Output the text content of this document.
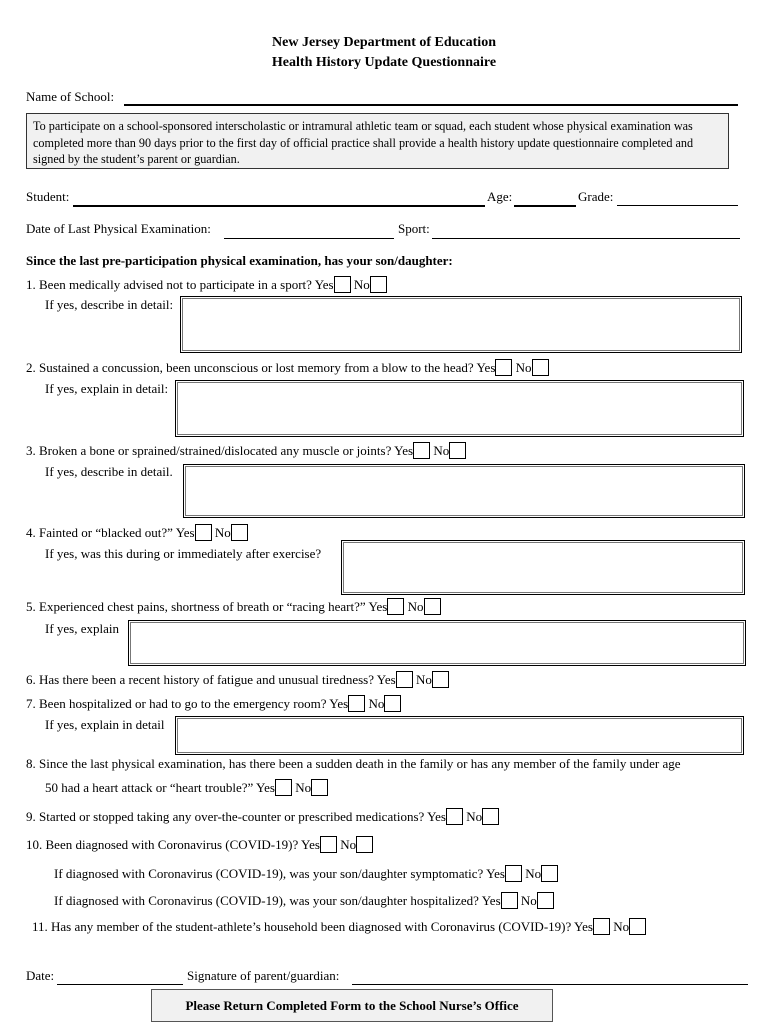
New Jersey Department of Education
Health History Update Questionnaire
Name of School:
To participate on a school-sponsored interscholastic or intramural athletic team or squad, each student whose physical examination was completed more than 90 days prior to the first day of official practice shall provide a health history update questionnaire completed and signed by the student’s parent or guardian.
Student:	Age:	Grade:
Date of Last Physical Examination:	Sport:
Since the last pre-participation physical examination, has your son/daughter:
1. Been medically advised not to participate in a sport? Yes No
If yes, describe in detail:
2. Sustained a concussion, been unconscious or lost memory from a blow to the head? Yes No
If yes, explain in detail:
3. Broken a bone or sprained/strained/dislocated any muscle or joints? Yes No
If yes, describe in detail.
4. Fainted or “blacked out?” Yes No
If yes, was this during or immediately after exercise?
5. Experienced chest pains, shortness of breath or “racing heart?” Yes No
If yes, explain
6. Has there been a recent history of fatigue and unusual tiredness? Yes No
7. Been hospitalized or had to go to the emergency room? Yes No
If yes, explain in detail
8. Since the last physical examination, has there been a sudden death in the family or has any member of the family under age
50 had a heart attack or “heart trouble?” Yes No
9. Started or stopped taking any over-the-counter or prescribed medications? Yes No
10. Been diagnosed with Coronavirus (COVID-19)? Yes No
If diagnosed with Coronavirus (COVID-19), was your son/daughter symptomatic? Yes No
If diagnosed with Coronavirus (COVID-19), was your son/daughter hospitalized? Yes No
11. Has any member of the student-athlete’s household been diagnosed with Coronavirus (COVID-19)? Yes No
Date:	Signature of parent/guardian:
Please Return Completed Form to the School Nurse’s Office
